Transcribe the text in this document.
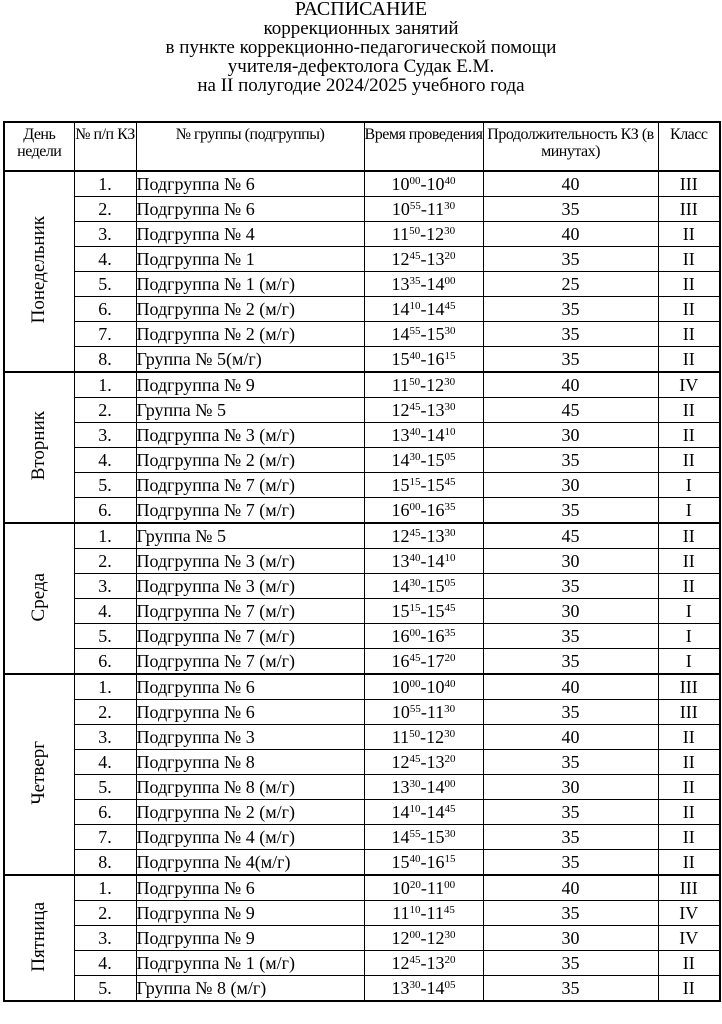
РАСПИСАНИЕ
коррекционных занятий
в пункте коррекционно-педагогической помощи
учителя-дефектолога Судак Е.М.
на II полугодие 2024/2025 учебного года
День недели	№ п/п КЗ	№ группы (подгруппы)	Время проведения	Продолжительность КЗ (в минутах)	Класс
Понедельник	1.	Подгруппа № 6	$10^{00}-10^{40}$	40	III
	2.	Подгруппа № 6	$10^{55}-11^{30}$	35	III
	3.	Подгруппа № 4	$11^{50}-12^{30}$	40	II
	4.	Подгруппа № 1	$12^{45}-13^{20}$	35	II
	5.	Подгруппа № 1 (м/г)	$13^{35}-14^{00}$	25	II
	6.	Подгруппа № 2 (м/г)	$14^{10}-14^{45}$	35	II
	7.	Подгруппа № 2 (м/г)	$14^{55}-15^{30}$	35	II
	8.	Группа № 5(м/г)	$15^{40}-16^{15}$	35	II
Вторник	1.	Подгруппа № 9	$11^{50}-12^{30}$	40	IV
	2.	Группа № 5	$12^{45}-13^{30}$	45	II
	3.	Подгруппа № 3 (м/г)	$13^{40}-14^{10}$	30	II
	4.	Подгруппа № 2 (м/г)	$14^{30}-15^{05}$	35	II
	5.	Подгруппа № 7 (м/г)	$15^{15}-15^{45}$	30	I
	6.	Подгруппа № 7 (м/г)	$16^{00}-16^{35}$	35	I
Среда	1.	Группа № 5	$12^{45}-13^{30}$	45	II
	2.	Подгруппа № 3 (м/г)	$13^{40}-14^{10}$	30	II
	3.	Подгруппа № 3 (м/г)	$14^{30}-15^{05}$	35	II
	4.	Подгруппа № 7 (м/г)	$15^{15}-15^{45}$	30	I
	5.	Подгруппа № 7 (м/г)	$16^{00}-16^{35}$	35	I
	6.	Подгруппа № 7 (м/г)	$16^{45}-17^{20}$	35	I
Четверг	1.	Подгруппа № 6	$10^{00}-10^{40}$	40	III
	2.	Подгруппа № 6	$10^{55}-11^{30}$	35	III
	3.	Подгруппа № 3	$11^{50}-12^{30}$	40	II
	4.	Подгруппа № 8	$12^{45}-13^{20}$	35	II
	5.	Подгруппа № 8 (м/г)	$13^{30}-14^{00}$	30	II
	6.	Подгруппа № 2 (м/г)	$14^{10}-14^{45}$	35	II
	7.	Подгруппа № 4 (м/г)	$14^{55}-15^{30}$	35	II
	8.	Подгруппа № 4(м/г)	$15^{40}-16^{15}$	35	II
Пятница	1.	Подгруппа № 6	$10^{20}-11^{00}$	40	III
	2.	Подгруппа № 9	$11^{10}-11^{45}$	35	IV
	3.	Подгруппа № 9	$12^{00}-12^{30}$	30	IV
	4.	Подгруппа № 1 (м/г)	$12^{45}-13^{20}$	35	II
	5.	Группа № 8 (м/г)	$13^{30}-14^{05}$	35	II
